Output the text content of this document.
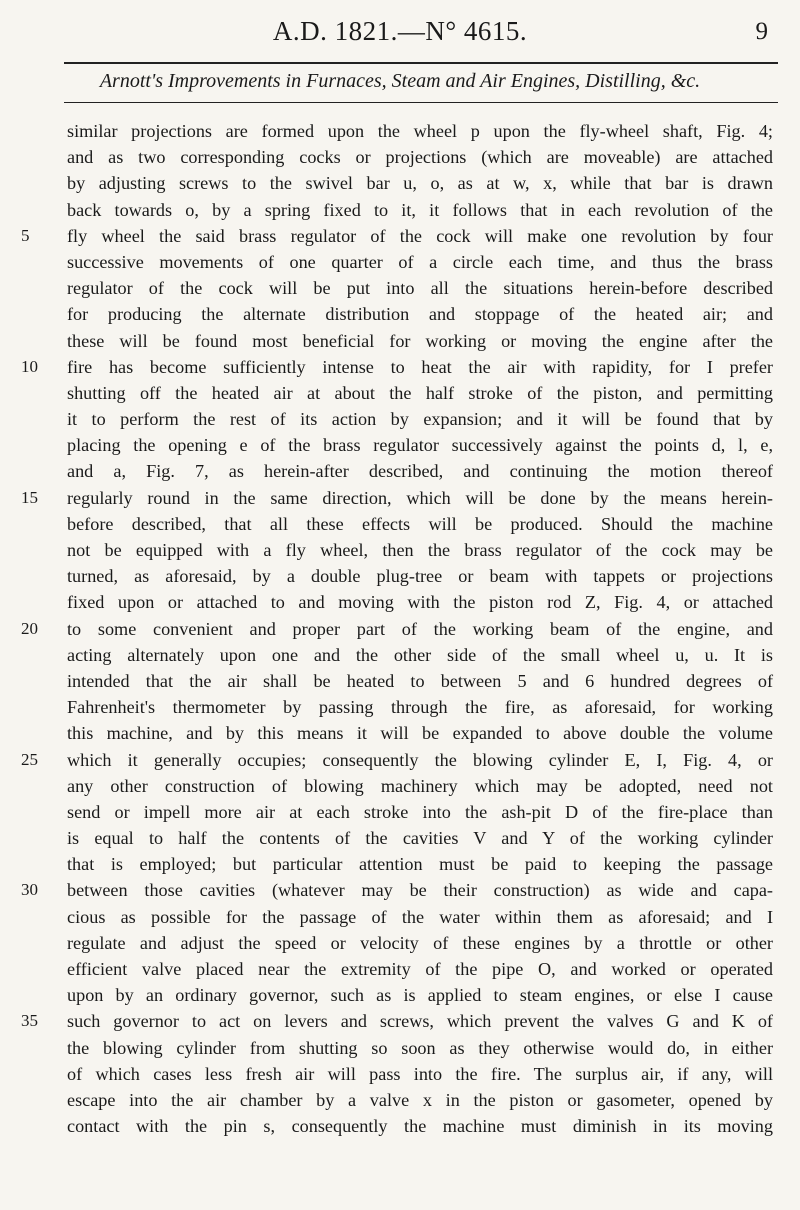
A.D. 1821.—N° 4615.	9
Arnott's Improvements in Furnaces, Steam and Air Engines, Distilling, &c.
similar projections are formed upon the wheel p upon the fly-wheel shaft, Fig. 4;
and as two corresponding cocks or projections (which are moveable) are attached
by adjusting screws to the swivel bar u, o, as at w, x, while that bar is drawn
back towards o, by a spring fixed to it, it follows that in each revolution of the
5	fly wheel the said brass regulator of the cock will make one revolution by four
successive movements of one quarter of a circle each time, and thus the brass
regulator of the cock will be put into all the situations herein-before described
for producing the alternate distribution and stoppage of the heated air; and
these will be found most beneficial for working or moving the engine after the
10	fire has become sufficiently intense to heat the air with rapidity, for I prefer
shutting off the heated air at about the half stroke of the piston, and permitting
it to perform the rest of its action by expansion; and it will be found that by
placing the opening e of the brass regulator successively against the points d, l, e,
and a, Fig. 7, as herein-after described, and continuing the motion thereof
15	regularly round in the same direction, which will be done by the means herein-
before described, that all these effects will be produced. Should the machine
not be equipped with a fly wheel, then the brass regulator of the cock may be
turned, as aforesaid, by a double plug-tree or beam with tappets or projections
fixed upon or attached to and moving with the piston rod Z, Fig. 4, or attached
20	to some convenient and proper part of the working beam of the engine, and
acting alternately upon one and the other side of the small wheel u, u. It is
intended that the air shall be heated to between 5 and 6 hundred degrees of
Fahrenheit's thermometer by passing through the fire, as aforesaid, for working
this machine, and by this means it will be expanded to above double the volume
25	which it generally occupies; consequently the blowing cylinder E, I, Fig. 4, or
any other construction of blowing machinery which may be adopted, need not
send or impell more air at each stroke into the ash-pit D of the fire-place than
is equal to half the contents of the cavities V and Y of the working cylinder
that is employed; but particular attention must be paid to keeping the passage
30	between those cavities (whatever may be their construction) as wide and capa-
cious as possible for the passage of the water within them as aforesaid; and I
regulate and adjust the speed or velocity of these engines by a throttle or other
efficient valve placed near the extremity of the pipe O, and worked or operated
upon by an ordinary governor, such as is applied to steam engines, or else I cause
35	such governor to act on levers and screws, which prevent the valves G and K of
the blowing cylinder from shutting so soon as they otherwise would do, in either
of which cases less fresh air will pass into the fire. The surplus air, if any, will
escape into the air chamber by a valve x in the piston or gasometer, opened by
contact with the pin s, consequently the machine must diminish in its moving
